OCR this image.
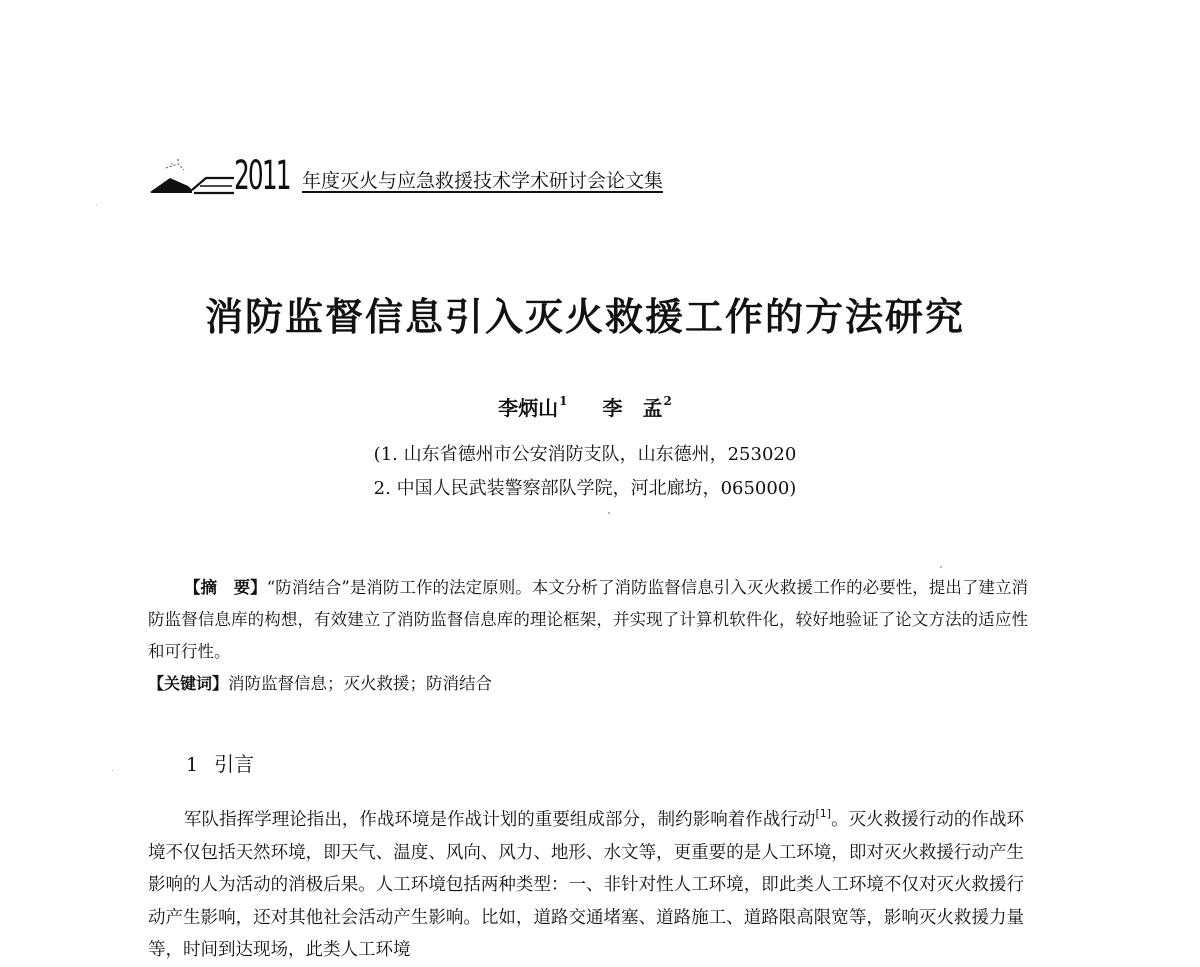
2011 年度灭火与应急救援技术学术研讨会论文集
消防监督信息引入灭火救援工作的方法研究
李炳山$^1$ 李　孟$^2$
(1. 山东省德州市公安消防支队，山东德州，253020
2. 中国人民武装警察部队学院，河北廊坊，065000)
【摘　要】“防消结合”是消防工作的法定原则。本文分析了消防监督信息引入灭火救援工作的必要性，提出了建立消防监督信息库的构想，有效建立了消防监督信息库的理论框架，并实现了计算机软件化，较好地验证了论文方法的适应性和可行性。
【关键词】消防监督信息；灭火救援；防消结合
1 引言
军队指挥学理论指出，作战环境是作战计划的重要组成部分，制约影响着作战行动[1]。灭火救援行动的作战环境不仅包括天然环境，即天气、温度、风向、风力、地形、水文等，更重要的是人工环境，即对灭火救援行动产生影响的人为活动的消极后果。人工环境包括两种类型：一、非针对性人工环境，即此类人工环境不仅对灭火救援行动产生影响，还对其他社会活动产生影响。比如，道路交通堵塞、道路施工、道路限高限宽等，影响灭火救援力量等，时间到达现场，此类人工环境
